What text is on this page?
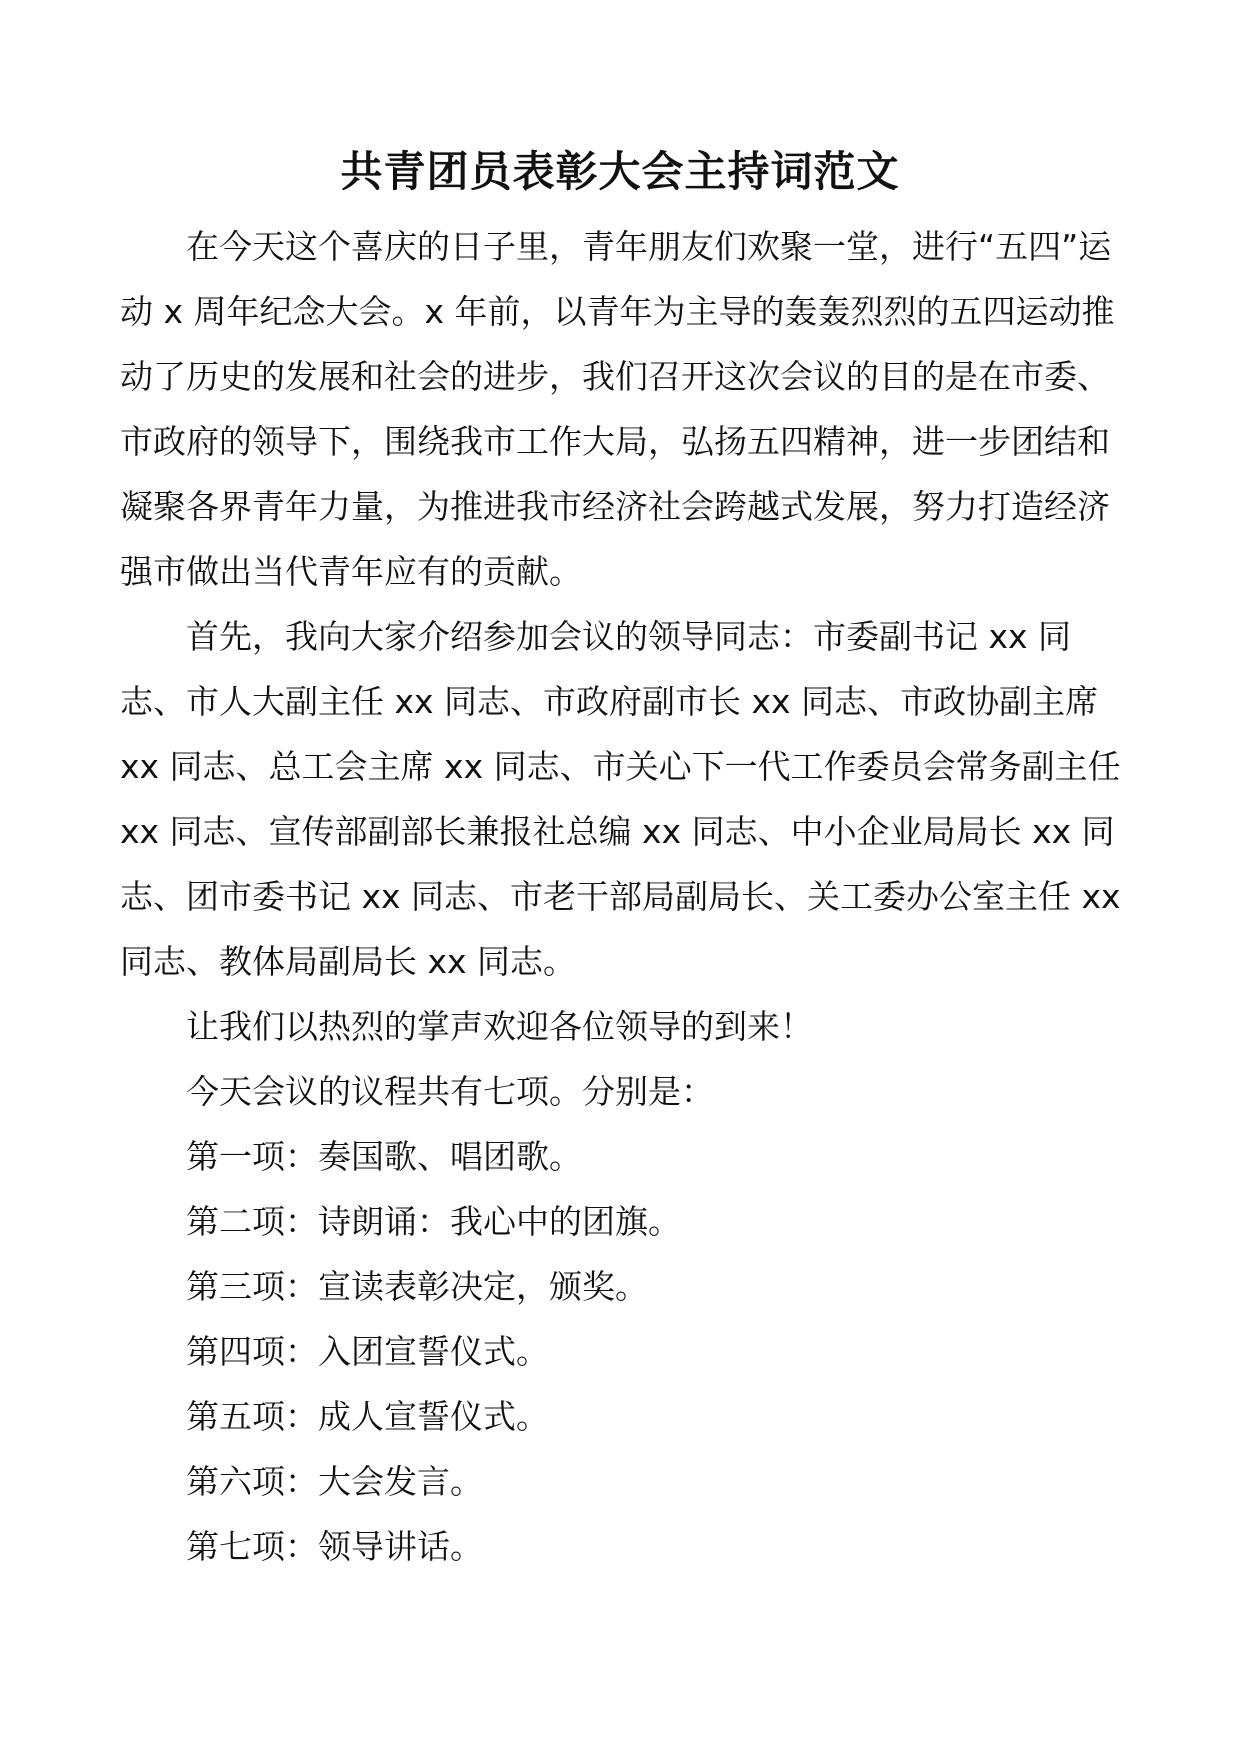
共青团员表彰大会主持词范文

在今天这个喜庆的日子里，青年朋友们欢聚一堂，进行“五四”运动 x 周年纪念大会。x 年前，以青年为主导的轰轰烈烈的五四运动推动了历史的发展和社会的进步，我们召开这次会议的目的是在市委、市政府的领导下，围绕我市工作大局，弘扬五四精神，进一步团结和凝聚各界青年力量，为推进我市经济社会跨越式发展，努力打造经济强市做出当代青年应有的贡献。

首先，我向大家介绍参加会议的领导同志：市委副书记 xx 同志、市人大副主任 xx 同志、市政府副市长 xx 同志、市政协副主席 xx 同志、总工会主席 xx 同志、市关心下一代工作委员会常务副主任 xx 同志、宣传部副部长兼报社总编 xx 同志、中小企业局局长 xx 同志、团市委书记 xx 同志、市老干部局副局长、关工委办公室主任 xx 同志、教体局副局长 xx 同志。

让我们以热烈的掌声欢迎各位领导的到来！

今天会议的议程共有七项。分别是：

第一项：奏国歌、唱团歌。

第二项：诗朗诵：我心中的团旗。

第三项：宣读表彰决定，颁奖。

第四项：入团宣誓仪式。

第五项：成人宣誓仪式。

第六项：大会发言。

第七项：领导讲话。
